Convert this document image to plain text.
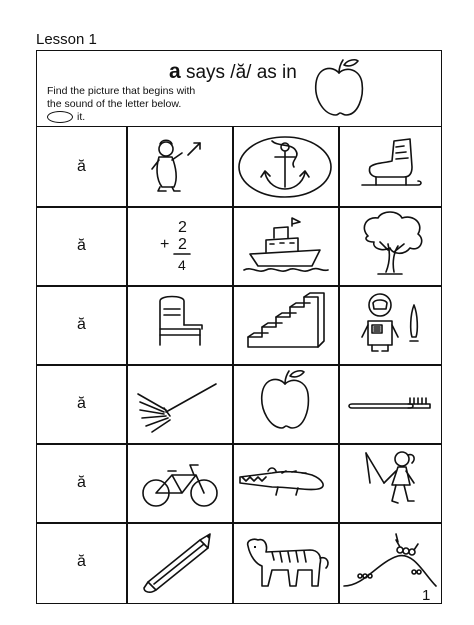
Lesson 1
a says /ă/ as in
Find the picture that begins with
the sound of the letter below.
it.
ă
ă
2
+ 2
4
ă
ă
ă
ă
1
